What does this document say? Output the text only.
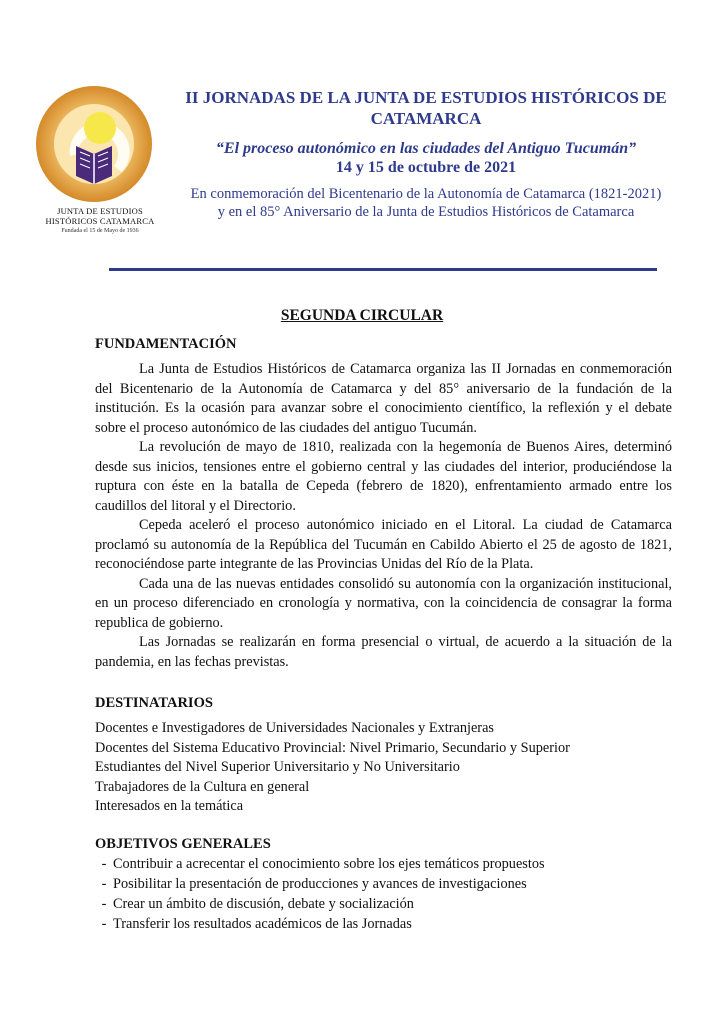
JUNTA DE ESTUDIOS
HISTÓRICOS CATAMARCA
Fundada el 15 de Mayo de 1936
II JORNADAS DE LA JUNTA DE ESTUDIOS HISTÓRICOS DE
CATAMARCA
“El proceso autonómico en las ciudades del Antiguo Tucumán”
14 y 15 de octubre de 2021
En conmemoración del Bicentenario de la Autonomía de Catamarca (1821-2021)
y en el 85° Aniversario de la Junta de Estudios Históricos de Catamarca
SEGUNDA CIRCULAR
FUNDAMENTACIÓN

La Junta de Estudios Históricos de Catamarca organiza las II Jornadas en conmemoración del Bicentenario de la Autonomía de Catamarca y del 85° aniversario de la fundación de la institución. Es la ocasión para avanzar sobre el conocimiento científico, la reflexión y el debate sobre el proceso autonómico de las ciudades del antiguo Tucumán.

La revolución de mayo de 1810, realizada con la hegemonía de Buenos Aires, determinó desde sus inicios, tensiones entre el gobierno central y las ciudades del interior, produciéndose la ruptura con éste en la batalla de Cepeda (febrero de 1820), enfrentamiento armado entre los caudillos del litoral y el Directorio.

Cepeda aceleró el proceso autonómico iniciado en el Litoral. La ciudad de Catamarca proclamó su autonomía de la República del Tucumán en Cabildo Abierto el 25 de agosto de 1821, reconociéndose parte integrante de las Provincias Unidas del Río de la Plata.

Cada una de las nuevas entidades consolidó su autonomía con la organización institucional, en un proceso diferenciado en cronología y normativa, con la coincidencia de consagrar la forma republica de gobierno.

Las Jornadas se realizarán en forma presencial o virtual, de acuerdo a la situación de la pandemia, en las fechas previstas.

DESTINATARIOS
Docentes e Investigadores de Universidades Nacionales y Extranjeras
Docentes del Sistema Educativo Provincial: Nivel Primario, Secundario y Superior
Estudiantes del Nivel Superior Universitario y No Universitario
Trabajadores de la Cultura en general
Interesados en la temática
OBJETIVOS GENERALES
- Contribuir a acrecentar el conocimiento sobre los ejes temáticos propuestos
- Posibilitar la presentación de producciones y avances de investigaciones
- Crear un ámbito de discusión, debate y socialización
- Transferir los resultados académicos de las Jornadas
